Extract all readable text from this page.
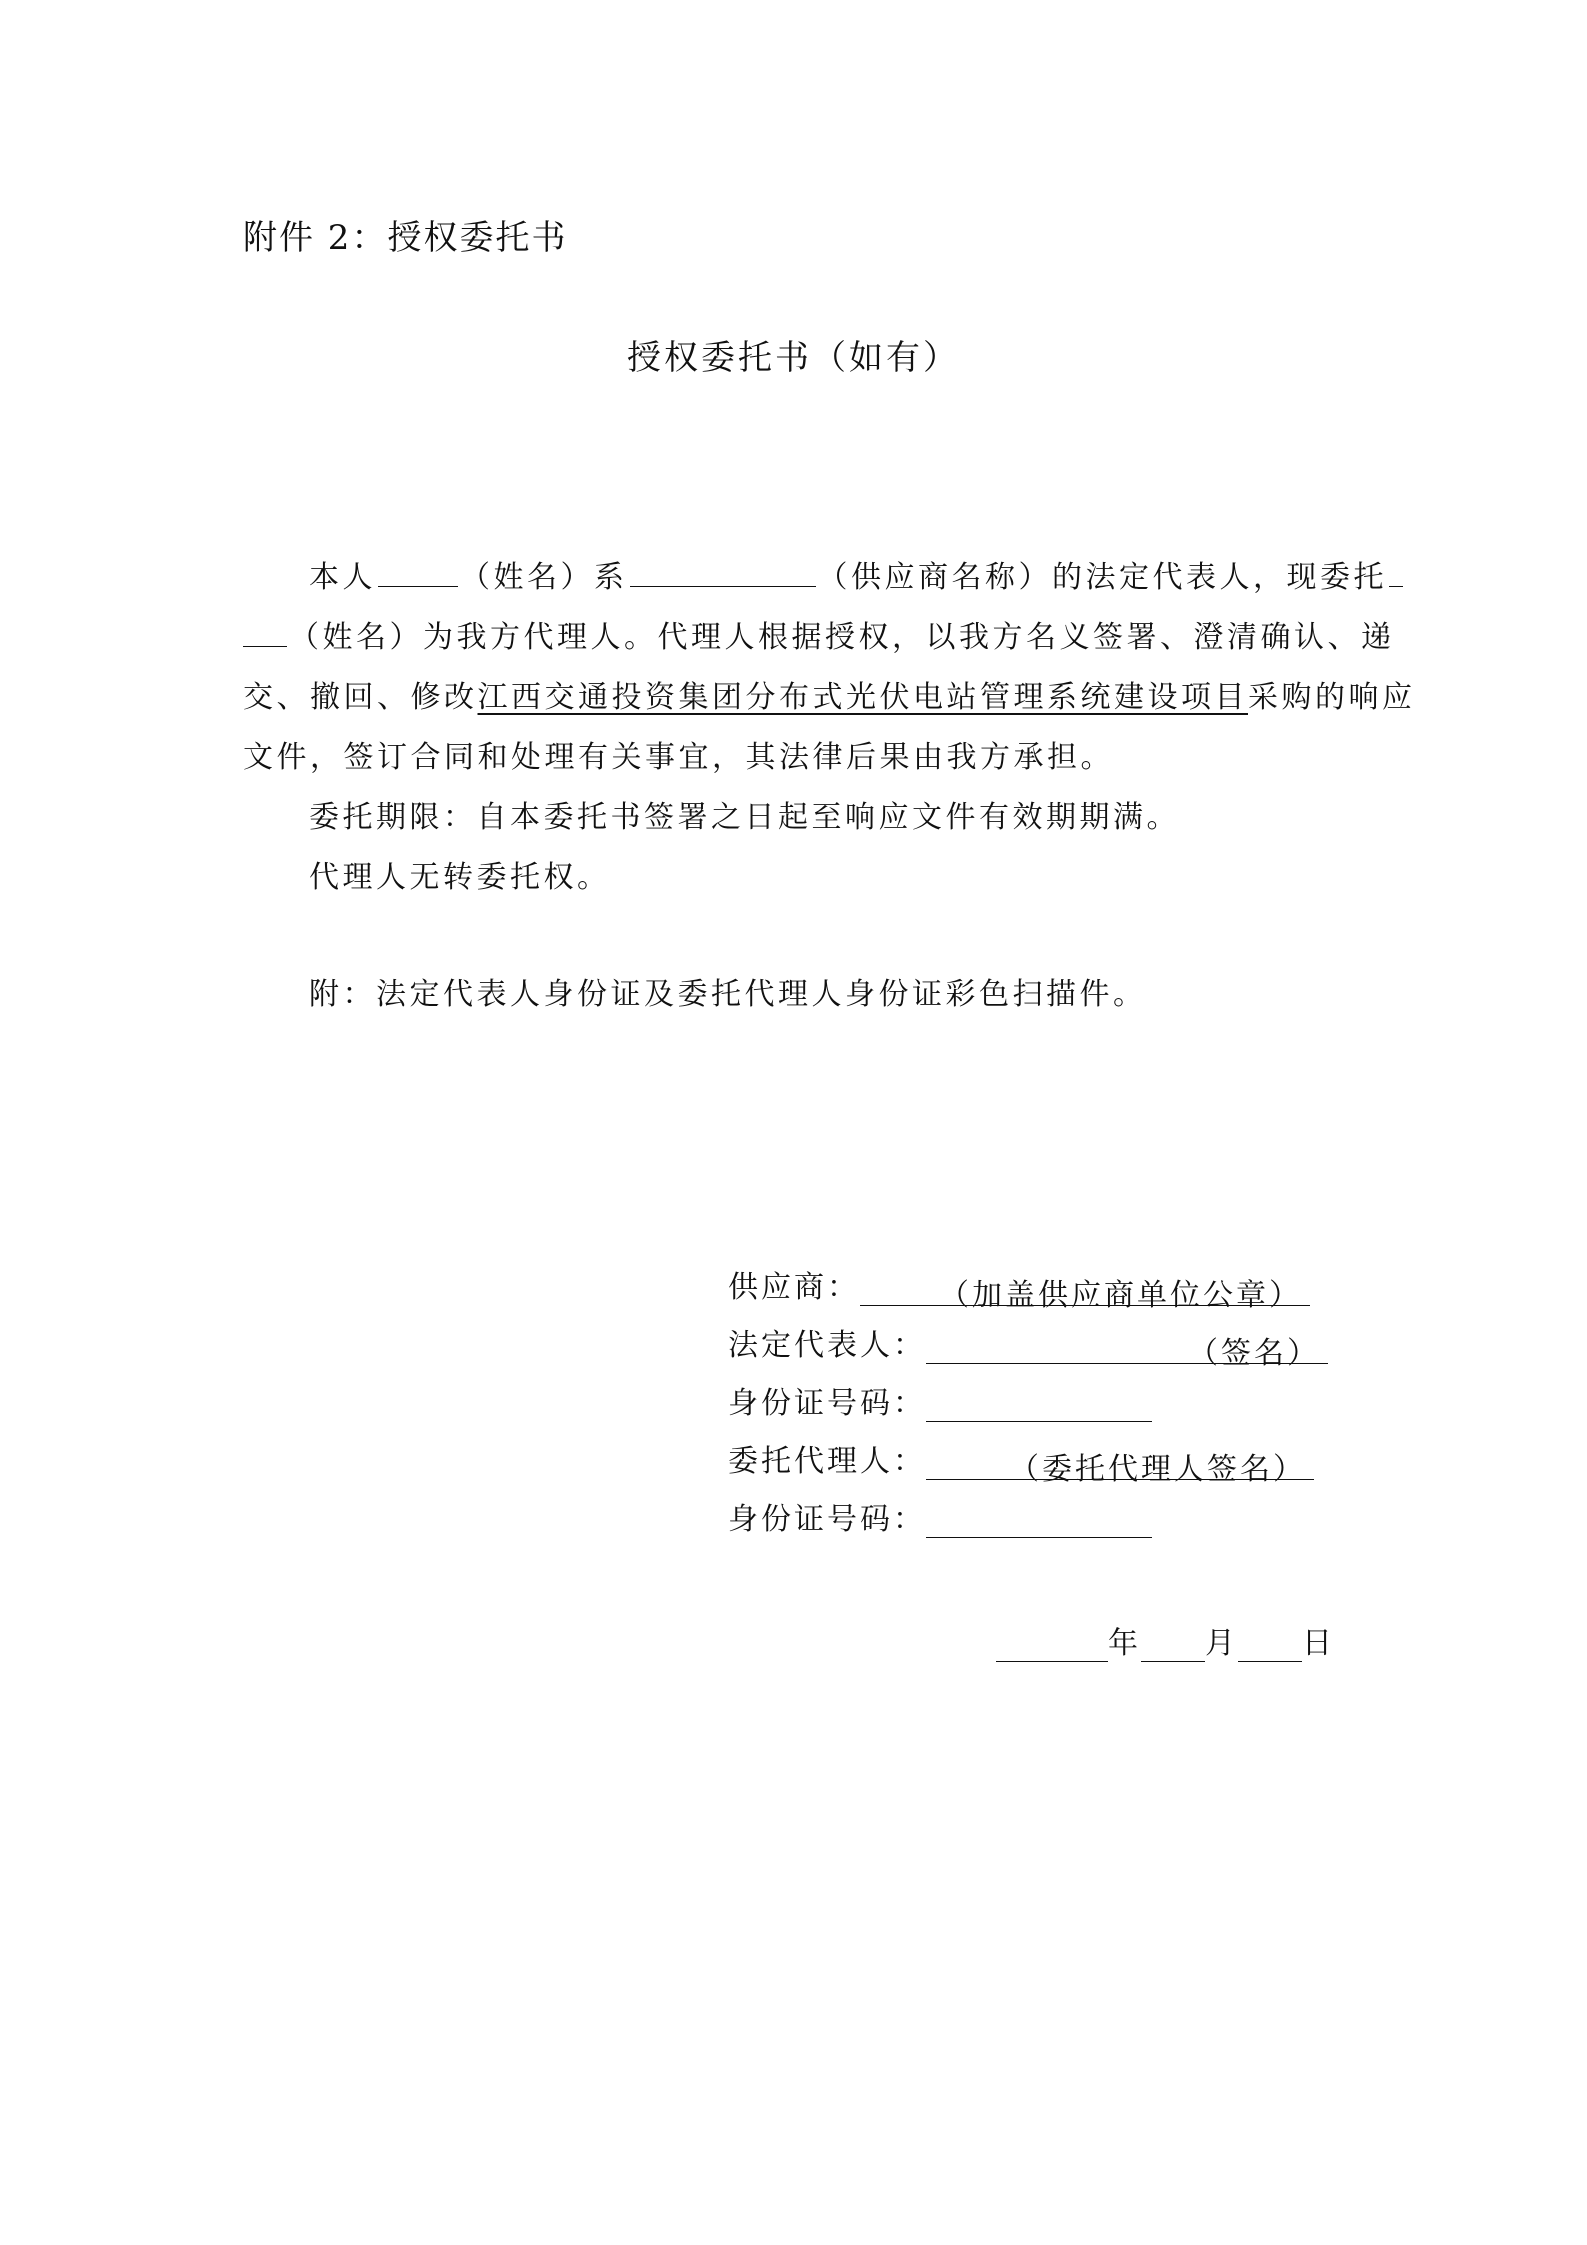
附件 2：授权委托书
授权委托书（如有）
本人	（姓名）系	（供应商名称）的法定代表人，现委托
（姓名）为我方代理人。代理人根据授权，以我方名义签署、澄清确认、递
交、撤回、修改江西交通投资集团分布式光伏电站管理系统建设项目采购的响应
文件，签订合同和处理有关事宜，其法律后果由我方承担。
委托期限：自本委托书签署之日起至响应文件有效期期满。
代理人无转委托权。
附：法定代表人身份证及委托代理人身份证彩色扫描件。
供应商：	（加盖供应商单位公章）
法定代表人：	（签名）
身份证号码：
委托代理人：	（委托代理人签名）
身份证号码：
年 月 日
